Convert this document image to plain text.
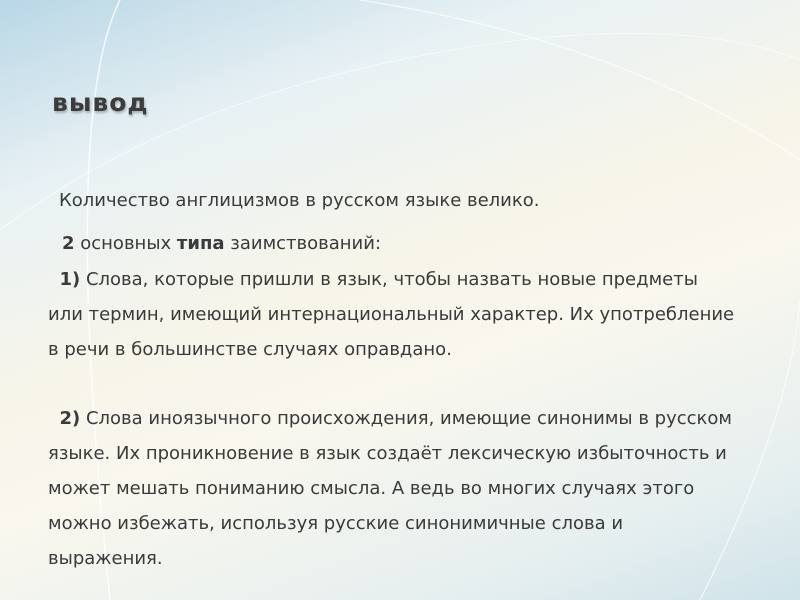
вывод
Количество англицизмов в русском языке велико.
2 основных типа заимствований:
1) Слова, которые пришли в язык, чтобы назвать новые предметы или термин, имеющий интернациональный характер. Их употребление в речи в большинстве случаях оправдано.
2) Слова иноязычного происхождения, имеющие синонимы в русском языке. Их проникновение в язык создаёт лексическую избыточность и может мешать пониманию смысла. А ведь во многих случаях этого можно избежать, используя русские синонимичные слова и выражения.
